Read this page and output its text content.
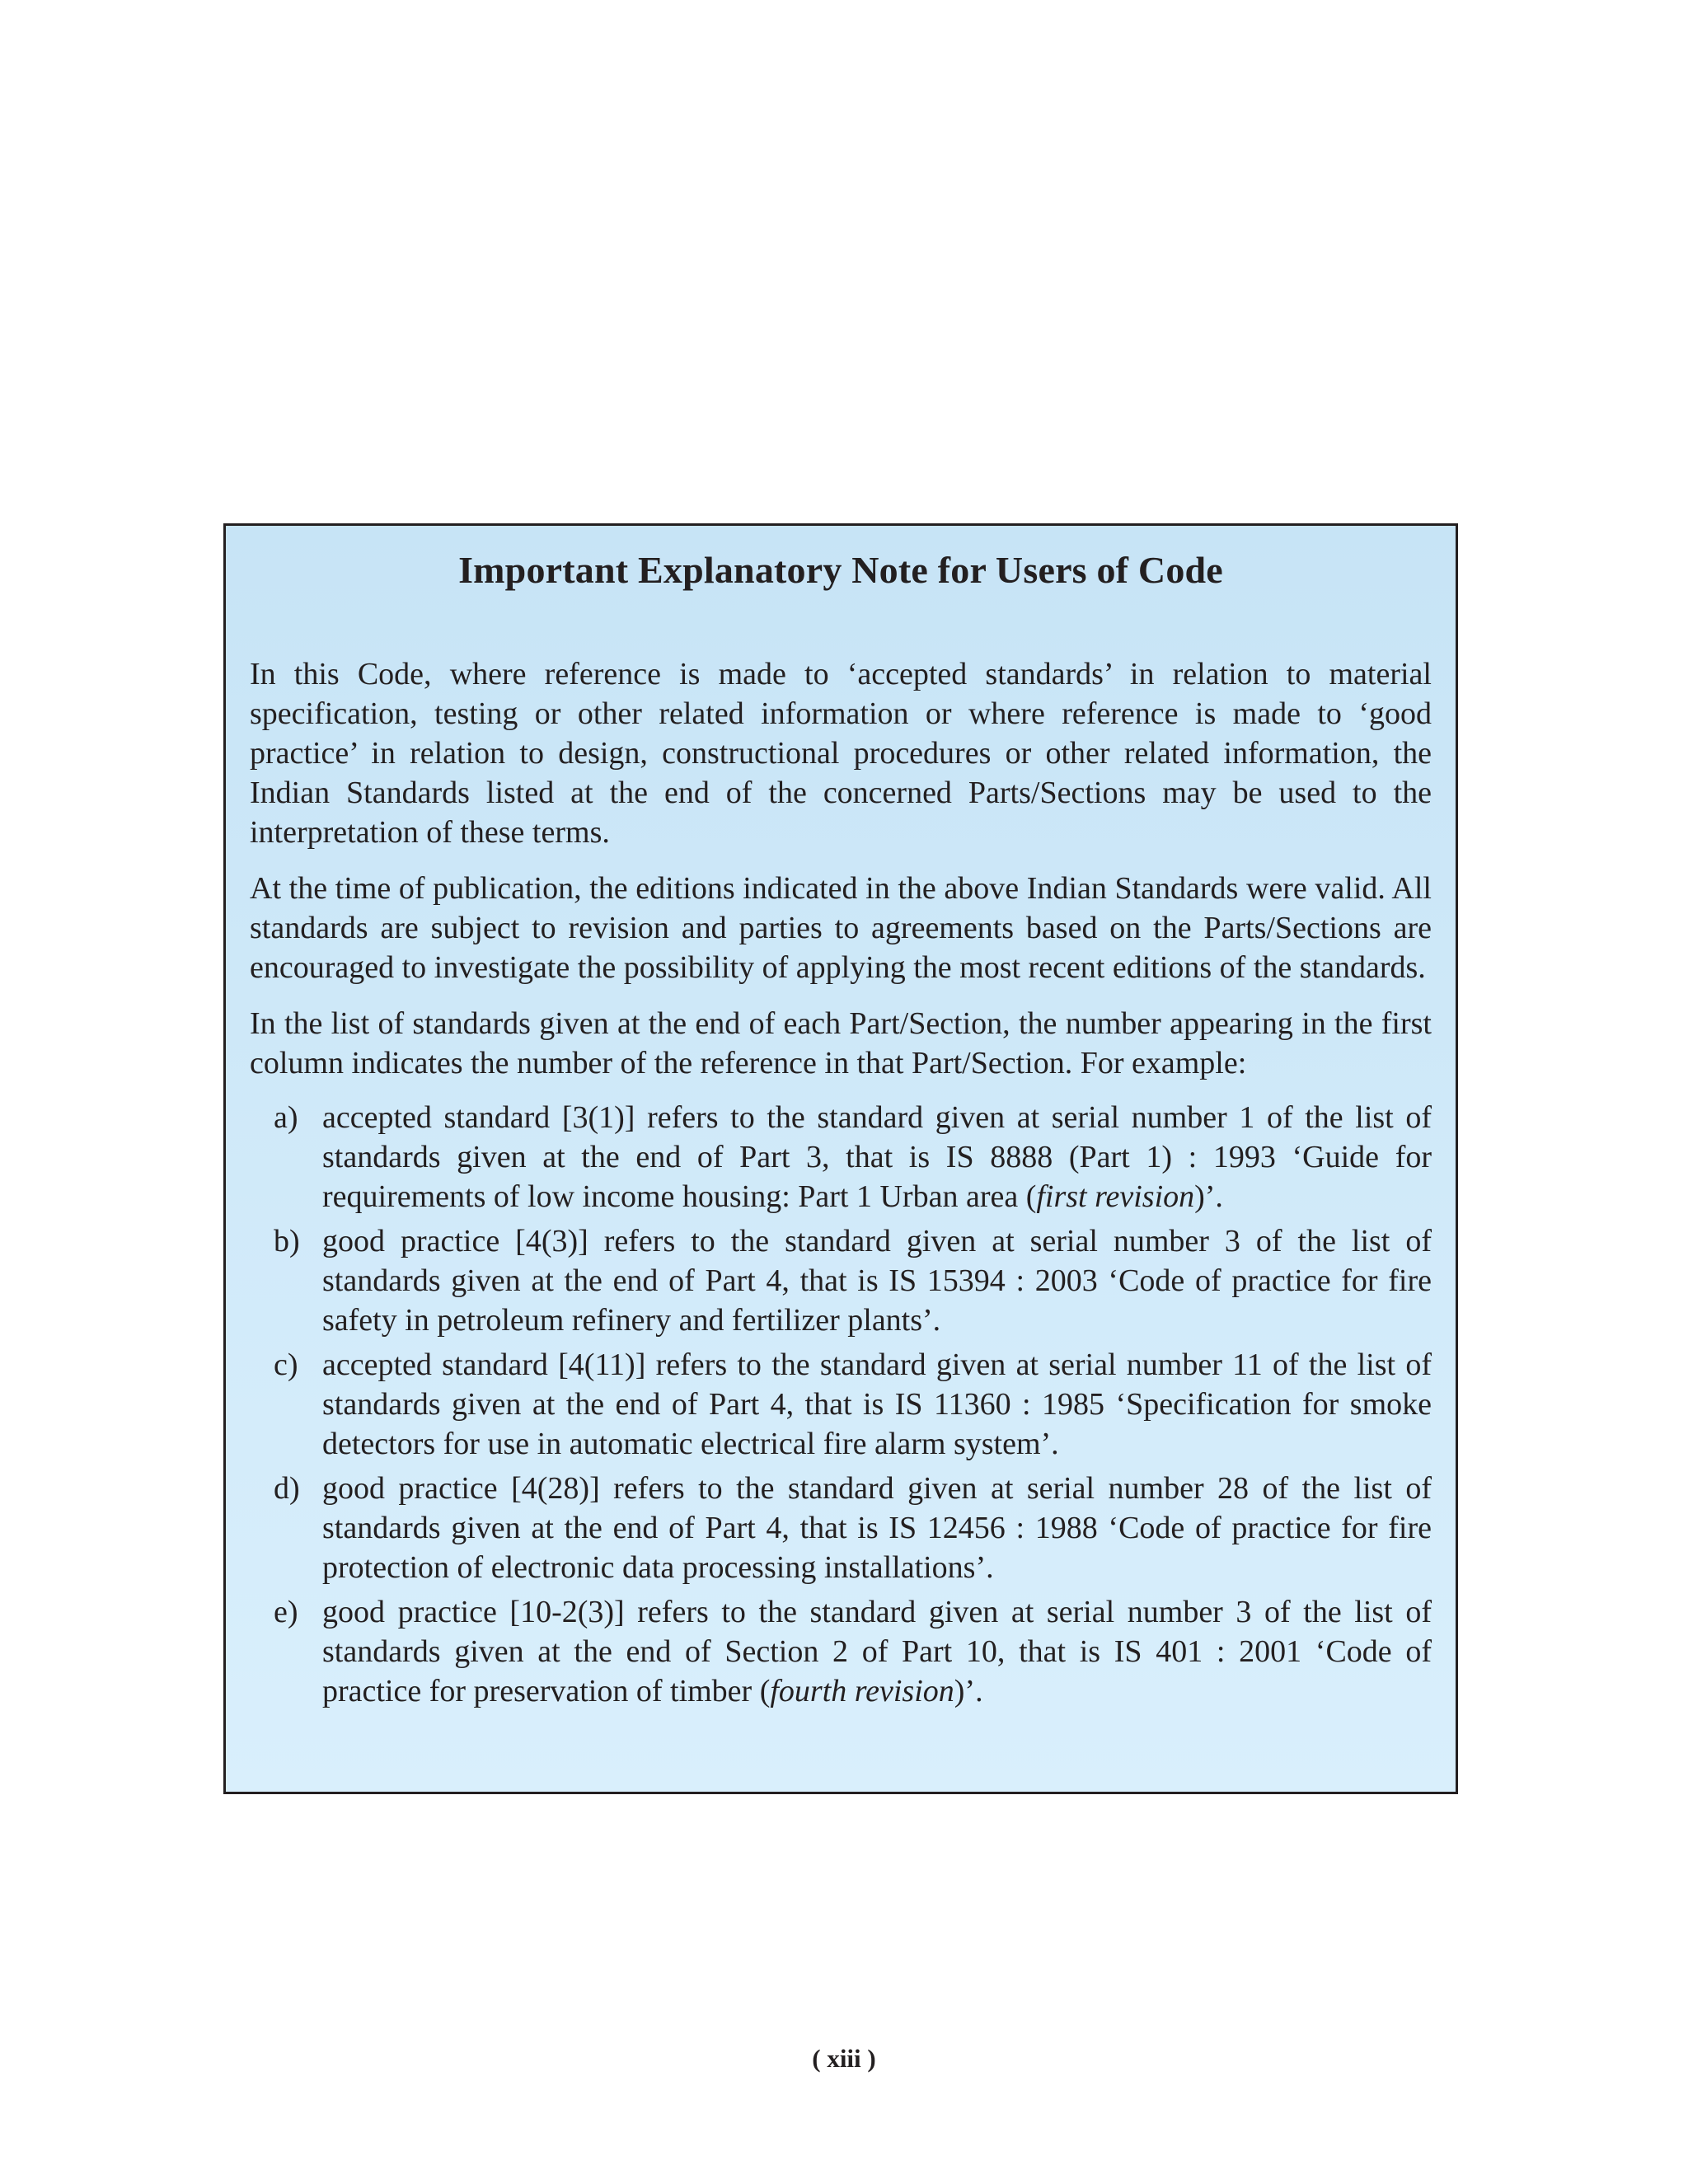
Important Explanatory Note for Users of Code

In this Code, where reference is made to ‘accepted standards’ in relation to material specification, testing or other related information or where reference is made to ‘good practice’ in relation to design, constructional procedures or other related information, the Indian Standards listed at the end of the concerned Parts/Sections may be used to the interpretation of these terms.

At the time of publication, the editions indicated in the above Indian Standards were valid. All standards are subject to revision and parties to agreements based on the Parts/Sections are encouraged to investigate the possibility of applying the most recent editions of the standards.

In the list of standards given at the end of each Part/Section, the number appearing in the first column indicates the number of the reference in that Part/Section. For example:

a) accepted standard [3(1)] refers to the standard given at serial number 1 of the list of standards given at the end of Part 3, that is IS 8888 (Part 1) : 1993 ‘Guide for requirements of low income housing: Part 1 Urban area (first revision)’.
b) good practice [4(3)] refers to the standard given at serial number 3 of the list of standards given at the end of Part 4, that is IS 15394 : 2003 ‘Code of practice for fire safety in petroleum refinery and fertilizer plants’.
c) accepted standard [4(11)] refers to the standard given at serial number 11 of the list of standards given at the end of Part 4, that is IS 11360 : 1985 ‘Specification for smoke detectors for use in automatic electrical fire alarm system’.
d) good practice [4(28)] refers to the standard given at serial number 28 of the list of standards given at the end of Part 4, that is IS 12456 : 1988 ‘Code of practice for fire protection of electronic data processing installations’.
e) good practice [10-2(3)] refers to the standard given at serial number 3 of the list of standards given at the end of Section 2 of Part 10, that is IS 401 : 2001 ‘Code of practice for preservation of timber (fourth revision)’.
( xiii )
